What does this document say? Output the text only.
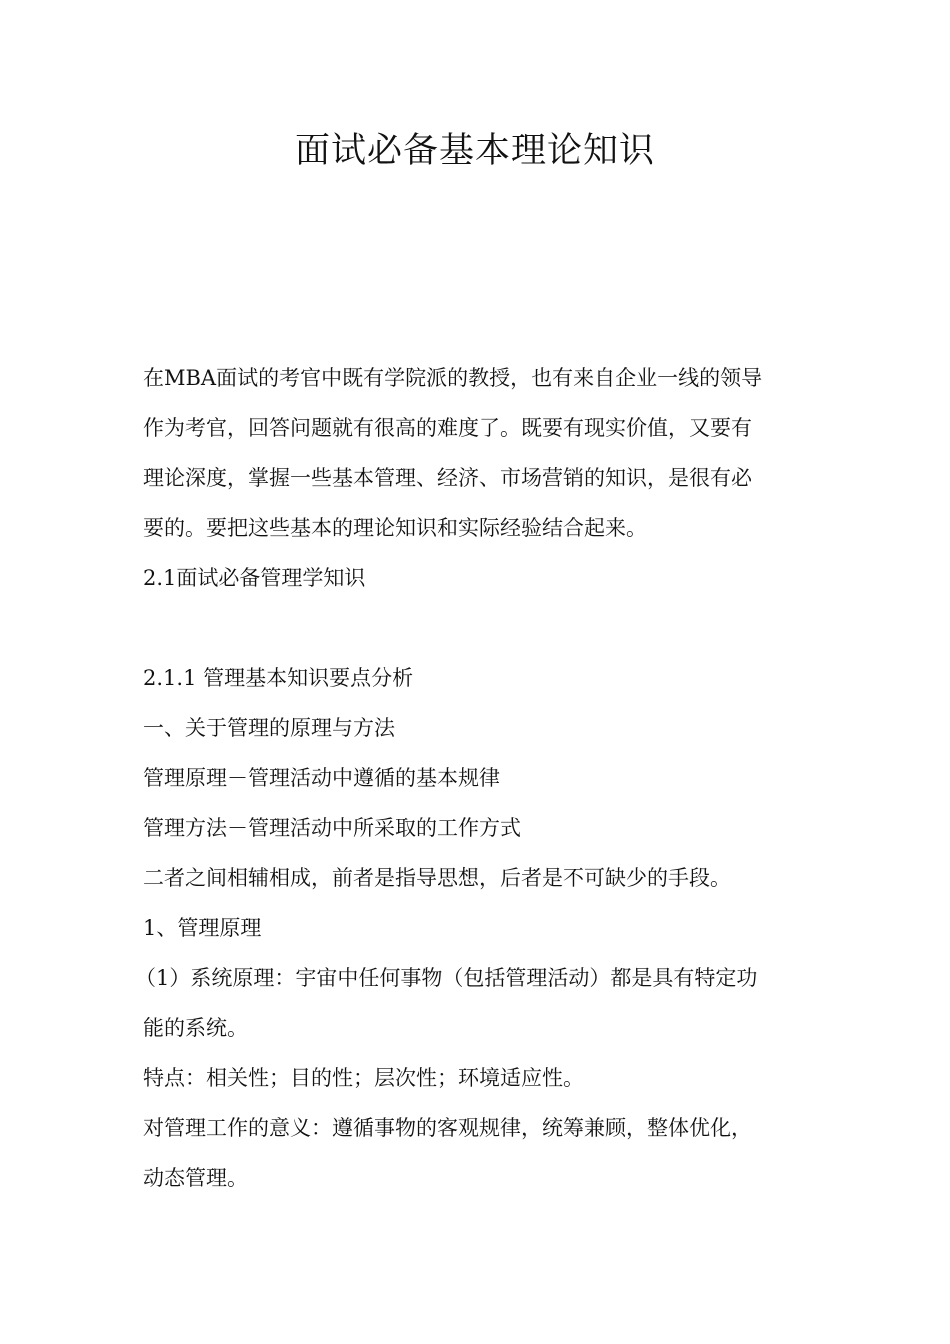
面试必备基本理论知识

在MBA面试的考官中既有学院派的教授，也有来自企业一线的领导

作为考官，回答问题就有很高的难度了。既要有现实价值，又要有

理论深度，掌握一些基本管理、经济、市场营销的知识，是很有必

要的。要把这些基本的理论知识和实际经验结合起来。

2.1面试必备管理学知识

2.1.1 管理基本知识要点分析

一、关于管理的原理与方法

管理原理－管理活动中遵循的基本规律

管理方法－管理活动中所采取的工作方式

二者之间相辅相成，前者是指导思想，后者是不可缺少的手段。

1、管理原理

（1）系统原理：宇宙中任何事物（包括管理活动）都是具有特定功

能的系统。

特点：相关性；目的性；层次性；环境适应性。

对管理工作的意义：遵循事物的客观规律，统筹兼顾，整体优化，

动态管理。
